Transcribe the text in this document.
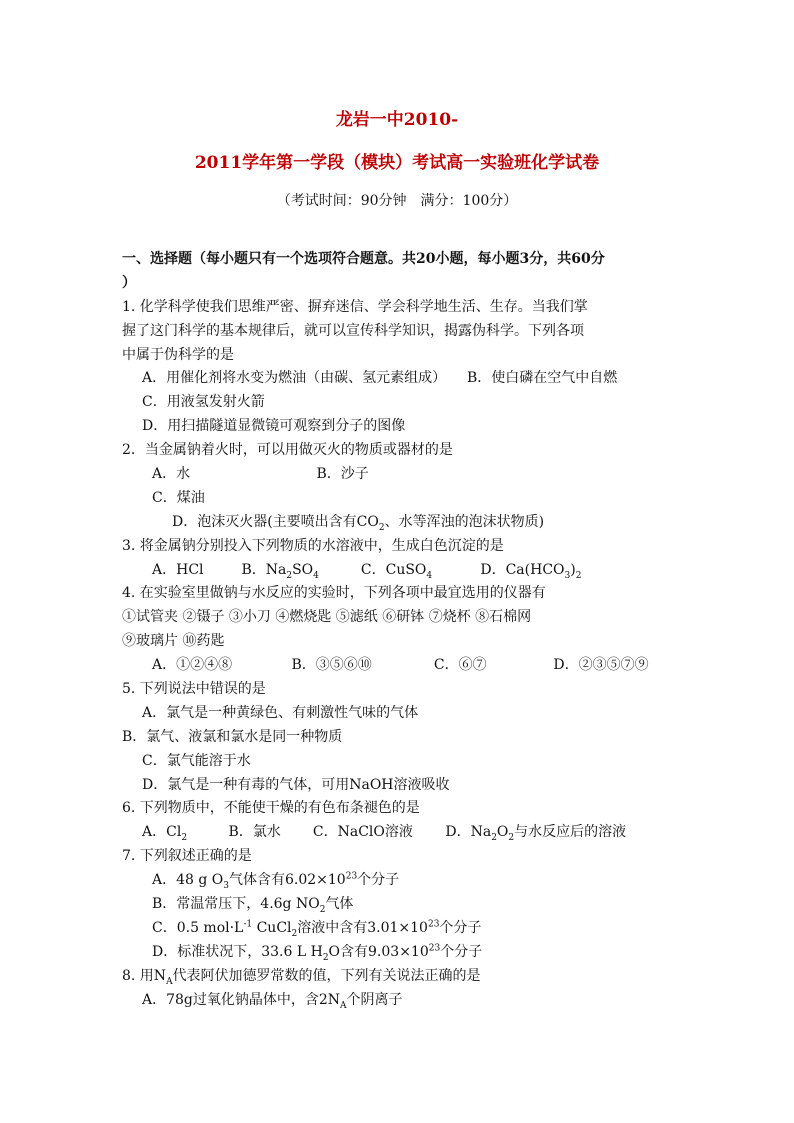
龙岩一中2010-
2011学年第一学段（模块）考试高一实验班化学试卷
（考试时间：90分钟　满分：100分）
一、选择题（每小题只有一个选项符合题意。共20小题，每小题3分，共60分
）
1. 化学科学使我们思维严密、摒弃迷信、学会科学地生活、生存。当我们掌
握了这门科学的基本规律后，就可以宣传科学知识，揭露伪科学。下列各项
中属于伪科学的是
A．用催化剂将水变为燃油（由碳、氢元素组成） B．使白磷在空气中自燃
C．用液氢发射火箭
D．用扫描隧道显微镜可观察到分子的图像
2．当金属钠着火时，可以用做灭火的物质或器材的是
A．水	B．沙子
C．煤油
D．泡沫灭火器(主要喷出含有$CO_2$、水等浑浊的泡沫状物质)
3. 将金属钠分别投入下列物质的水溶液中，生成白色沉淀的是
A．HCl	B．$Na_2SO_4$	C．CuSO$_4$	D．$Ca(HCO_3)_2$
4. 在实验室里做钠与水反应的实验时，下列各项中最宜选用的仪器有
①试管夹 ②镊子 ③小刀 ④燃烧匙 ⑤滤纸 ⑥研钵 ⑦烧杯 ⑧石棉网
⑨玻璃片 ⑩药匙
A．①②④⑧	B．③⑤⑥⑩	C．⑥⑦	D．②③⑤⑦⑨
5. 下列说法中错误的是
A．氯气是一种黄绿色、有刺激性气味的气体
B．氯气、液氯和氯水是同一种物质
C．氯气能溶于水
D．氯气是一种有毒的气体，可用NaOH溶液吸收
6. 下列物质中，不能使干燥的有色布条褪色的是
A．$Cl_2$	B．氯水 C．NaClO溶液 D．$Na_2O_2$与水反应后的溶液
7. 下列叙述正确的是
A．48 g $O_3$气体含有$6.02\times 10^{23}$个分子
B．常温常压下，4.6g $NO_2$气体
C．0.5 $mol\cdot L^{-1}$ CuCl$_2$溶液中含有$3.01\times 10^{23}$个分子
D．标准状况下，33.6 L $H_2O$含有$9.03\times 10^{23}$个分子
8. 用$N_A$代表阿伏加德罗常数的值，下列有关说法正确的是
A．78g过氧化钠晶体中，含$2N_A$个阴离子
